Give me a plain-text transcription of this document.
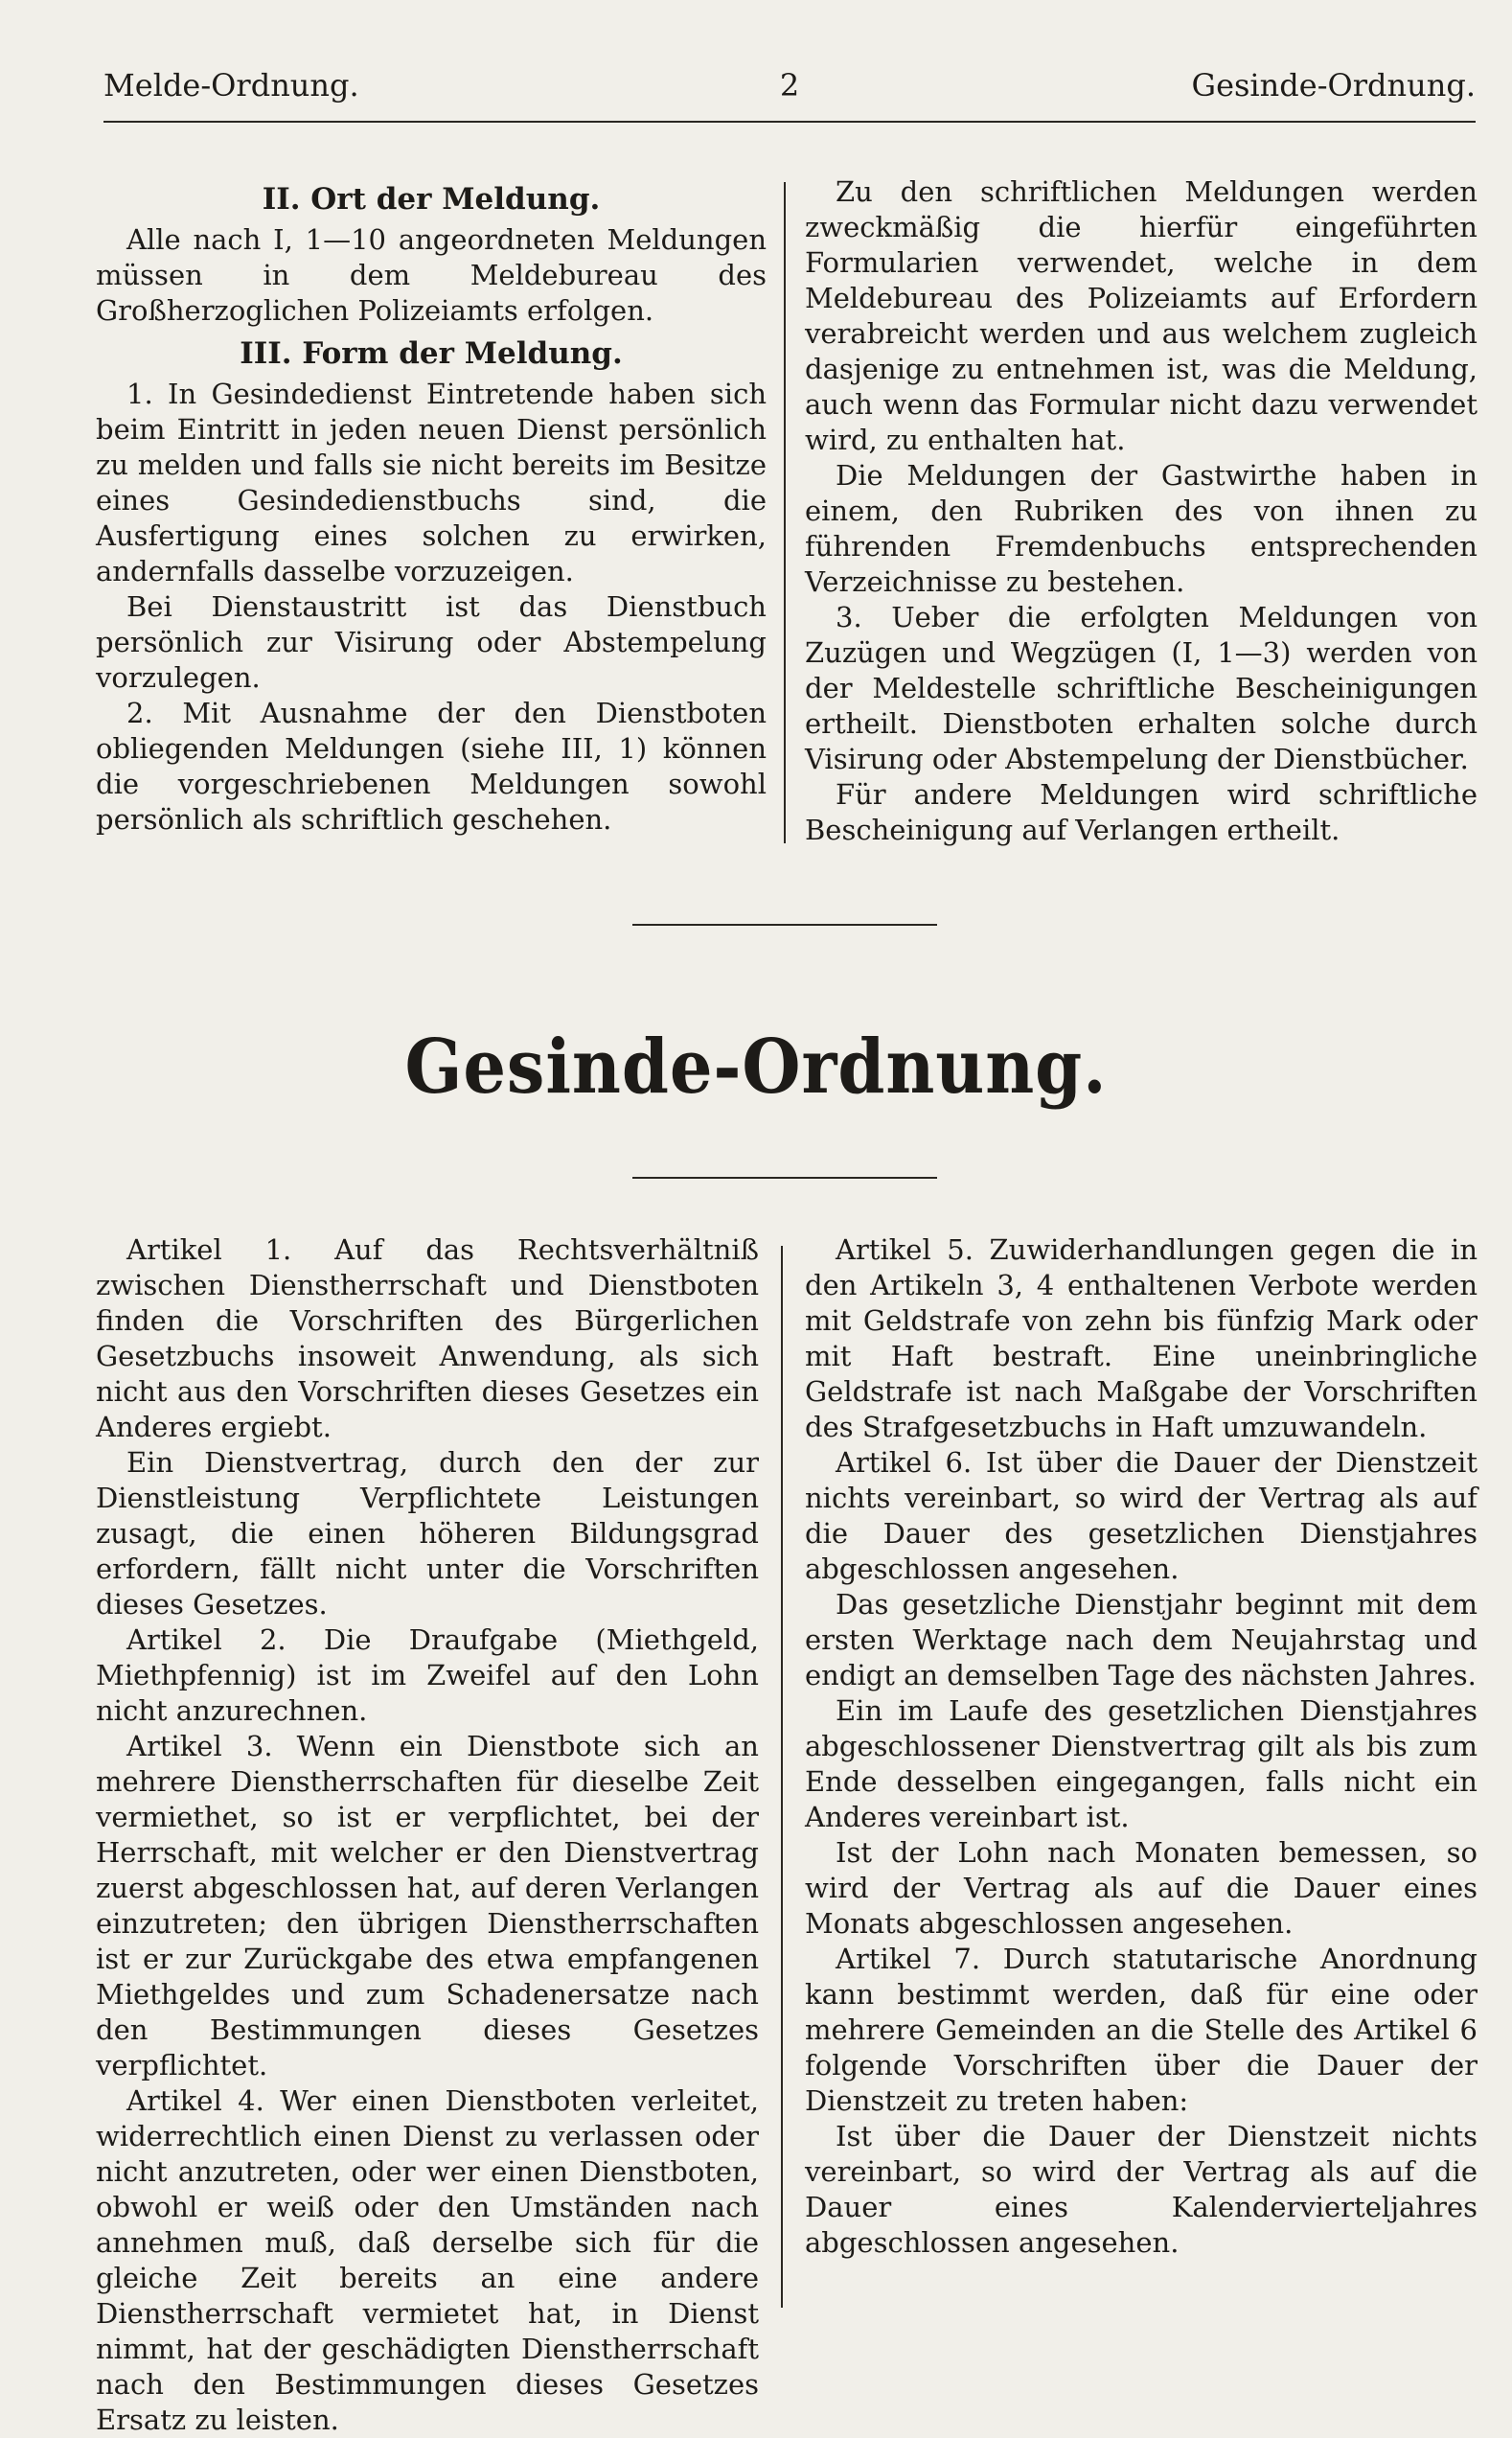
Melde-Ordnung.	2	Gesinde-Ordnung.
II. Ort der Meldung.

Alle nach I, 1—10 angeordneten Meldungen müssen in dem Meldebureau des Großherzoglichen Polizeiamts erfolgen.

III. Form der Meldung.

1. In Gesindedienst Eintretende haben sich beim Eintritt in jeden neuen Dienst persönlich zu melden und falls sie nicht bereits im Besitze eines Gesindedienstbuchs sind, die Ausfertigung eines solchen zu erwirken, andernfalls dasselbe vorzuzeigen.

Bei Dienstaustritt ist das Dienstbuch persönlich zur Visirung oder Abstempelung vorzulegen.

2. Mit Ausnahme der den Dienstboten obliegenden Meldungen (siehe III, 1) können die vorgeschriebenen Meldungen sowohl persönlich als schriftlich geschehen.

Zu den schriftlichen Meldungen werden zweckmäßig die hierfür eingeführten Formularien verwendet, welche in dem Meldebureau des Polizeiamts auf Erfordern verabreicht werden und aus welchem zugleich dasjenige zu entnehmen ist, was die Meldung, auch wenn das Formular nicht dazu verwendet wird, zu enthalten hat.

Die Meldungen der Gastwirthe haben in einem, den Rubriken des von ihnen zu führenden Fremdenbuchs entsprechenden Verzeichnisse zu bestehen.

3. Ueber die erfolgten Meldungen von Zuzügen und Wegzügen (I, 1—3) werden von der Meldestelle schriftliche Bescheinigungen ertheilt. Dienstboten erhalten solche durch Visirung oder Abstempelung der Dienstbücher.

Für andere Meldungen wird schriftliche Bescheinigung auf Verlangen ertheilt.

Gesinde-Ordnung.

Artikel 1. Auf das Rechtsverhältniß zwischen Dienstherrschaft und Dienstboten finden die Vorschriften des Bürgerlichen Gesetzbuchs insoweit Anwendung, als sich nicht aus den Vorschriften dieses Gesetzes ein Anderes ergiebt.

Ein Dienstvertrag, durch den der zur Dienstleistung Verpflichtete Leistungen zusagt, die einen höheren Bildungsgrad erfordern, fällt nicht unter die Vorschriften dieses Gesetzes.

Artikel 2. Die Draufgabe (Miethgeld, Miethpfennig) ist im Zweifel auf den Lohn nicht anzurechnen.

Artikel 3. Wenn ein Dienstbote sich an mehrere Dienstherrschaften für dieselbe Zeit vermiethet, so ist er verpflichtet, bei der Herrschaft, mit welcher er den Dienstvertrag zuerst abgeschlossen hat, auf deren Verlangen einzutreten; den übrigen Dienstherrschaften ist er zur Zurückgabe des etwa empfangenen Miethgeldes und zum Schadenersatze nach den Bestimmungen dieses Gesetzes verpflichtet.

Artikel 4. Wer einen Dienstboten verleitet, widerrechtlich einen Dienst zu verlassen oder nicht anzutreten, oder wer einen Dienstboten, obwohl er weiß oder den Umständen nach annehmen muß, daß derselbe sich für die gleiche Zeit bereits an eine andere Dienstherrschaft vermietet hat, in Dienst nimmt, hat der geschädigten Dienstherrschaft nach den Bestimmungen dieses Gesetzes Ersatz zu leisten.

Artikel 5. Zuwiderhandlungen gegen die in den Artikeln 3, 4 enthaltenen Verbote werden mit Geldstrafe von zehn bis fünfzig Mark oder mit Haft bestraft. Eine uneinbringliche Geldstrafe ist nach Maßgabe der Vorschriften des Strafgesetzbuchs in Haft umzuwandeln.

Artikel 6. Ist über die Dauer der Dienstzeit nichts vereinbart, so wird der Vertrag als auf die Dauer des gesetzlichen Dienstjahres abgeschlossen angesehen.

Das gesetzliche Dienstjahr beginnt mit dem ersten Werktage nach dem Neujahrstag und endigt an demselben Tage des nächsten Jahres.

Ein im Laufe des gesetzlichen Dienstjahres abgeschlossener Dienstvertrag gilt als bis zum Ende desselben eingegangen, falls nicht ein Anderes vereinbart ist.

Ist der Lohn nach Monaten bemessen, so wird der Vertrag als auf die Dauer eines Monats abgeschlossen angesehen.

Artikel 7. Durch statutarische Anordnung kann bestimmt werden, daß für eine oder mehrere Gemeinden an die Stelle des Artikel 6 folgende Vorschriften über die Dauer der Dienstzeit zu treten haben:

Ist über die Dauer der Dienstzeit nichts vereinbart, so wird der Vertrag als auf die Dauer eines Kalendervierteljahres abgeschlossen angesehen.
